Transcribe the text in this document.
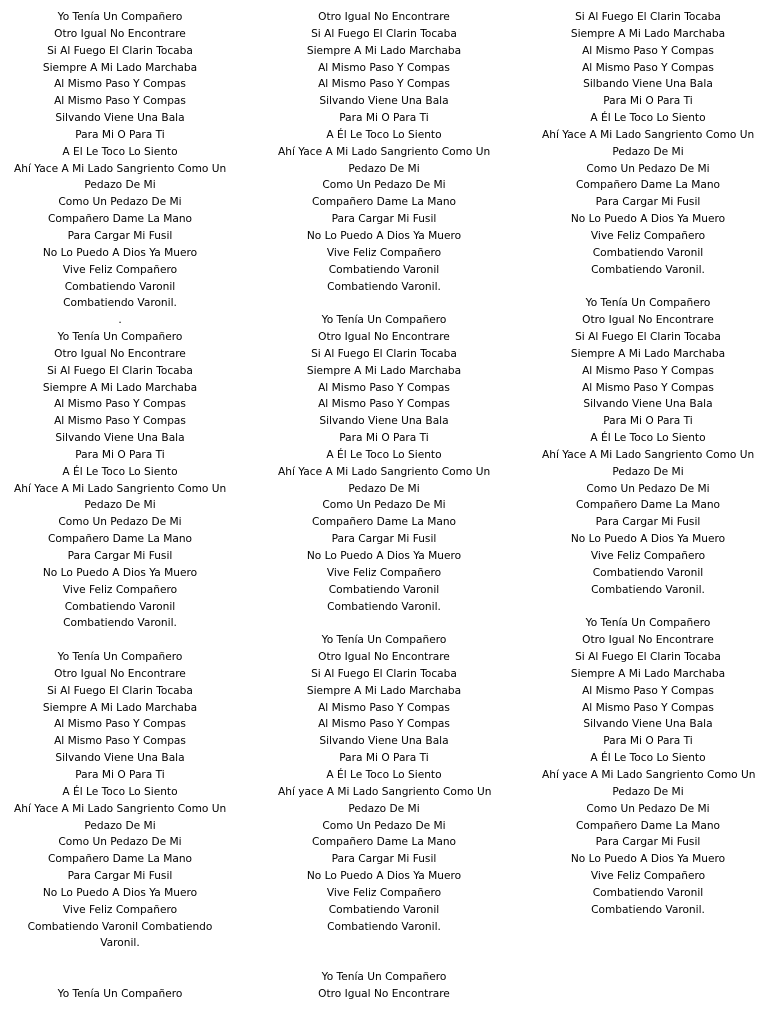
Yo Tenía Un Compañero
Otro Igual No Encontrare
Si Al Fuego El Clarin Tocaba
Siempre A Mi Lado Marchaba
Al Mismo Paso Y Compas
Al Mismo Paso Y Compas
Silvando Viene Una Bala
Para Mi O Para Ti
A El Le Toco Lo Siento
Ahí Yace A Mi Lado Sangriento Como Un
Pedazo De Mi
Como Un Pedazo De Mi
Compañero Dame La Mano
Para Cargar Mi Fusil
No Lo Puedo A Dios Ya Muero
Vive Feliz Compañero
Combatiendo Varonil
Combatiendo Varonil.
.
Yo Tenía Un Compañero
Otro Igual No Encontrare
Si Al Fuego El Clarin Tocaba
Siempre A Mi Lado Marchaba
Al Mismo Paso Y Compas
Al Mismo Paso Y Compas
Silvando Viene Una Bala
Para Mi O Para Ti
A Él Le Toco Lo Siento
Ahí Yace A Mi Lado Sangriento Como Un
Pedazo De Mi
Como Un Pedazo De Mi
Compañero Dame La Mano
Para Cargar Mi Fusil
No Lo Puedo A Dios Ya Muero
Vive Feliz Compañero
Combatiendo Varonil
Combatiendo Varonil.
Yo Tenía Un Compañero
Otro Igual No Encontrare
Si Al Fuego El Clarin Tocaba
Siempre A Mi Lado Marchaba
Al Mismo Paso Y Compas
Al Mismo Paso Y Compas
Silvando Viene Una Bala
Para Mi O Para Ti
A Él Le Toco Lo Siento
Ahí Yace A Mi Lado Sangriento Como Un
Pedazo De Mi
Como Un Pedazo De Mi
Compañero Dame La Mano
Para Cargar Mi Fusil
No Lo Puedo A Dios Ya Muero
Vive Feliz Compañero
Combatiendo Varonil Combatiendo
Varonil.
Yo Tenía Un Compañero
Otro Igual No Encontrare
Si Al Fuego El Clarin Tocaba
Siempre A Mi Lado Marchaba
Al Mismo Paso Y Compas
Al Mismo Paso Y Compas
Silvando Viene Una Bala
Para Mi O Para Ti
A Él Le Toco Lo Siento
Ahí Yace A Mi Lado Sangriento Como Un
Pedazo De Mi
Como Un Pedazo De Mi
Compañero Dame La Mano
Para Cargar Mi Fusil
No Lo Puedo A Dios Ya Muero
Vive Feliz Compañero
Combatiendo Varonil
Combatiendo Varonil.
Yo Tenía Un Compañero
Otro Igual No Encontrare
Si Al Fuego El Clarin Tocaba
Siempre A Mi Lado Marchaba
Al Mismo Paso Y Compas
Al Mismo Paso Y Compas
Silvando Viene Una Bala
Para Mi O Para Ti
A Él Le Toco Lo Siento
Ahí Yace A Mi Lado Sangriento Como Un
Pedazo De Mi
Como Un Pedazo De Mi
Compañero Dame La Mano
Para Cargar Mi Fusil
No Lo Puedo A Dios Ya Muero
Vive Feliz Compañero
Combatiendo Varonil
Combatiendo Varonil.
Yo Tenía Un Compañero
Otro Igual No Encontrare
Si Al Fuego El Clarin Tocaba
Siempre A Mi Lado Marchaba
Al Mismo Paso Y Compas
Al Mismo Paso Y Compas
Silvando Viene Una Bala
Para Mi O Para Ti
A Él Le Toco Lo Siento
Ahí yace A Mi Lado Sangriento Como Un
Pedazo De Mi
Como Un Pedazo De Mi
Compañero Dame La Mano
Para Cargar Mi Fusil
No Lo Puedo A Dios Ya Muero
Vive Feliz Compañero
Combatiendo Varonil
Combatiendo Varonil.
Yo Tenía Un Compañero
Otro Igual No Encontrare
Si Al Fuego El Clarin Tocaba
Siempre A Mi Lado Marchaba
Al Mismo Paso Y Compas
Al Mismo Paso Y Compas
Silbando Viene Una Bala
Para Mi O Para Ti
A Él Le Toco Lo Siento
Ahí Yace A Mi Lado Sangriento Como Un
Pedazo De Mi
Como Un Pedazo De Mi
Compañero Dame La Mano
Para Cargar Mi Fusil
No Lo Puedo A Dios Ya Muero
Vive Feliz Compañero
Combatiendo Varonil
Combatiendo Varonil.
Yo Tenía Un Compañero
Otro Igual No Encontrare
Si Al Fuego El Clarin Tocaba
Siempre A Mi Lado Marchaba
Al Mismo Paso Y Compas
Al Mismo Paso Y Compas
Silvando Viene Una Bala
Para Mi O Para Ti
A Él Le Toco Lo Siento
Ahí Yace A Mi Lado Sangriento Como Un
Pedazo De Mi
Como Un Pedazo De Mi
Compañero Dame La Mano
Para Cargar Mi Fusil
No Lo Puedo A Dios Ya Muero
Vive Feliz Compañero
Combatiendo Varonil
Combatiendo Varonil.
Yo Tenía Un Compañero
Otro Igual No Encontrare
Si Al Fuego El Clarin Tocaba
Siempre A Mi Lado Marchaba
Al Mismo Paso Y Compas
Al Mismo Paso Y Compas
Silvando Viene Una Bala
Para Mi O Para Ti
A Él Le Toco Lo Siento
Ahí yace A Mi Lado Sangriento Como Un
Pedazo De Mi
Como Un Pedazo De Mi
Compañero Dame La Mano
Para Cargar Mi Fusil
No Lo Puedo A Dios Ya Muero
Vive Feliz Compañero
Combatiendo Varonil
Combatiendo Varonil.
